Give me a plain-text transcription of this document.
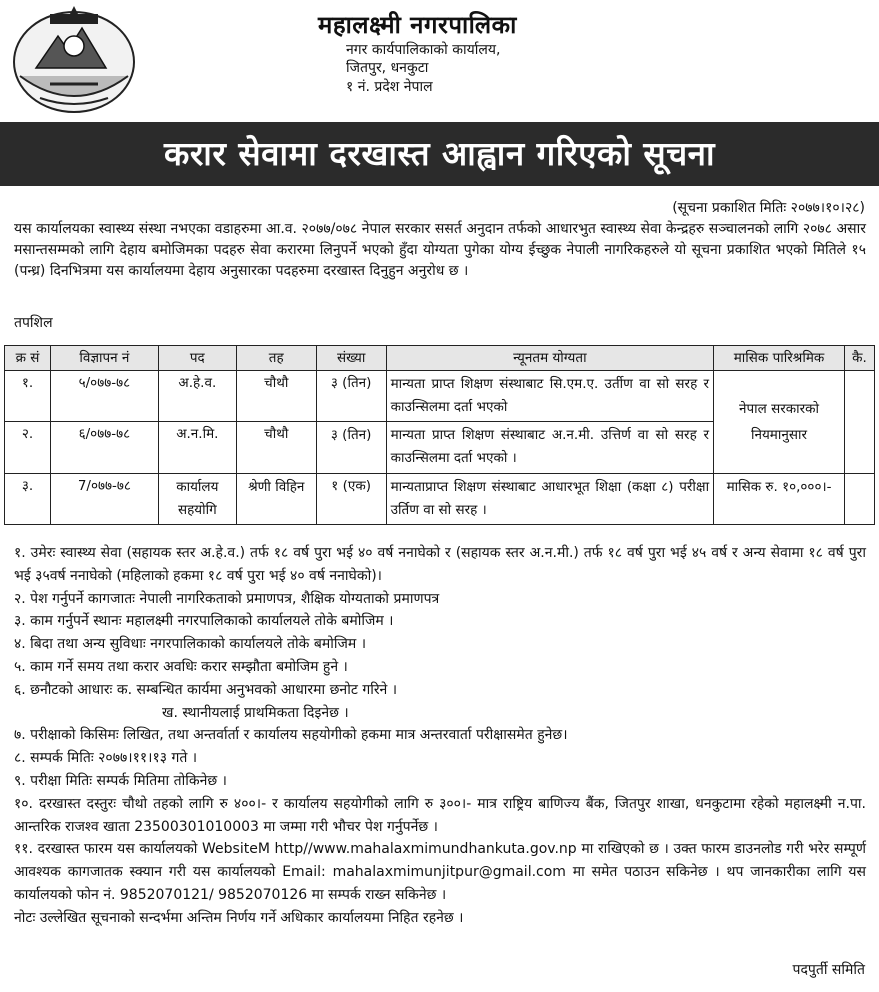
महालक्ष्मी नगरपालिका
नगर कार्यपालिकाको कार्यालय,
जितपुर, धनकुटा
१ नं. प्रदेश नेपाल
करार सेवामा दरखास्त आह्वान गरिएको सूचना
(सूचना प्रकाशित मितिः २०७७।१०।२८)
यस कार्यालयका स्वास्थ्य संस्था नभएका वडाहरुमा आ.व. २०७७/०७८ नेपाल सरकार ससर्त अनुदान तर्फको आधारभुत स्वास्थ्य सेवा केन्द्रहरु सञ्चालनको लागि २०७८ असार मसान्तसम्मको लागि देहाय बमोजिमका पदहरु सेवा करारमा लिनुपर्ने भएको हुँदा योग्यता पुगेका योग्य ईच्छुक नेपाली नागरिकहरुले यो सूचना प्रकाशित भएको मितिले १५ (पन्ध्र) दिनभित्रमा यस कार्यालयमा देहाय अनुसारका पदहरुमा दरखास्त दिनुहुन अनुरोध छ ।
तपशिल
क्र सं	विज्ञापन नं	पद	तह	संख्या	न्यूनतम योग्यता	मासिक पारिश्रमिक	कै.
१.	५/०७७-७८	अ.हे.व.	चौथौ	३ (तिन)	मान्यता प्राप्त शिक्षण संस्थाबाट सि.एम.ए. उर्तीण वा सो सरह र काउन्सिलमा दर्ता भएको	नेपाल सरकारको नियमानुसार	
२.	६/०७७-७८	अ.न.मि.	चौथौ	३ (तिन)	मान्यता प्राप्त शिक्षण संस्थाबाट अ.न.मी. उत्तिर्ण वा सो सरह र काउन्सिलमा दर्ता भएको ।		
३.	7/०७७-७८	कार्यालय सहयोगि	श्रेणी विहिन	१ (एक)	मान्यताप्राप्त शिक्षण संस्थाबाट आधारभूत शिक्षा (कक्षा ८) परीक्षा उर्तिण वा सो सरह ।	मासिक रु. १०,०००।-	

१. उमेरः स्वास्थ्य सेवा (सहायक स्तर अ.हे.व.) तर्फ १८ वर्ष पुरा भई ४० वर्ष ननाघेको र (सहायक स्तर अ.न.मी.) तर्फ १८ वर्ष पुरा भई ४५ वर्ष र अन्य सेवामा १८ वर्ष पुरा भई ३५वर्ष ननाघेको (महिलाको हकमा १८ वर्ष पुरा भई ४० वर्ष ननाघेको)।

२. पेश गर्नुपर्ने कागजातः नेपाली नागरिकताको प्रमाणपत्र, शैक्षिक योग्यताको प्रमाणपत्र

३. काम गर्नुपर्ने स्थानः महालक्ष्मी नगरपालिकाको कार्यालयले तोके बमोजिम ।

४. बिदा तथा अन्य सुविधाः नगरपालिकाको कार्यालयले तोके बमोजिम ।

५. काम गर्ने समय तथा करार अवधिः करार सम्झौता बमोजिम हुने ।

६. छनौटको आधारः क. सम्बन्धित कार्यमा अनुभवको आधारमा छनोट गरिने ।

ख. स्थानीयलाई प्राथमिकता दिइनेछ ।

७. परीक्षाको किसिमः लिखित, तथा अन्तर्वार्ता र कार्यालय सहयोगीको हकमा मात्र अन्तरवार्ता परीक्षासमेत हुनेछ।

८. सम्पर्क मितिः २०७७।११।१३ गते ।

९. परीक्षा मितिः सम्पर्क मितिमा तोकिनेछ ।

१०. दरखास्त दस्तुरः चौथो तहको लागि रु ४००।- र कार्यालय सहयोगीको लागि रु ३००।- मात्र राष्ट्रिय बाणिज्य बैंक, जितपुर शाखा, धनकुटामा रहेको महालक्ष्मी न.पा. आन्तरिक राजश्व खाता 23500301010003 मा जम्मा गरी भौचर पेश गर्नुपर्नेछ ।

११. दरखास्त फारम यस कार्यालयको WebsiteM http//www.mahalaxmimundhankuta.gov.np मा राखिएको छ । उक्त फारम डाउनलोड गरी भरेर सम्पूर्ण आवश्यक कागजातक स्क्यान गरी यस कार्यालयको Email: mahalaxmimunjitpur@gmail.com मा समेत पठाउन सकिनेछ । थप जानकारीका लागि यस कार्यालयको फोन नं. 9852070121/ 9852070126 मा सम्पर्क राख्न सकिनेछ ।

नोटः उल्लेखित सूचनाको सन्दर्भमा अन्तिम निर्णय गर्ने अधिकार कार्यालयमा निहित रहनेछ ।

पदपुर्ती समिति
